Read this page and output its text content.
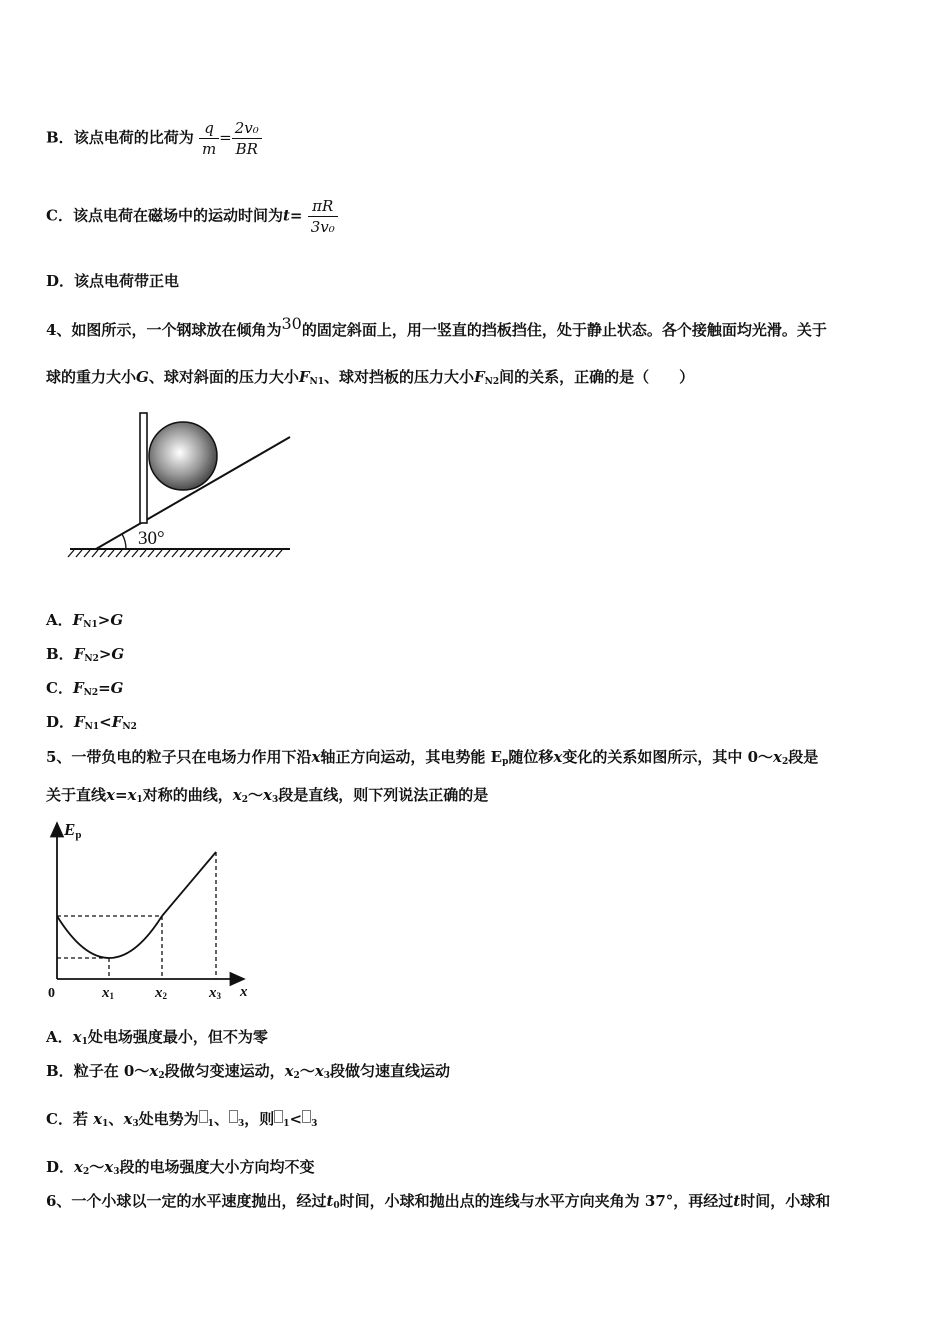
B．该点电荷的比荷为 $\frac{q}{m} = \frac{\text{2v₀}}{BR}$
C．该点电荷在磁场中的运动时间为$t= \frac{\pi R}{\text{3v₀}}$
D．该点电荷带正电
4、如图所示，一个钢球放在倾角为30的固定斜面上，用一竖直的挡板挡住，处于静止状态。各个接触面均光滑。关于
球的重力大小G、球对斜面的压力大小$F_{N1}$、球对挡板的压力大小$F_{N2}$间的关系，正确的是（　　）
30°
A．$F_{N1}>G$
B．$F_{N2}>G$
C．$F_{N2}=G$
D．$F_{N1}<F_{N2}$
5、一带负电的粒子只在电场力作用下沿x轴正方向运动，其电势能 $E_p$随位移x变化的关系如图所示，其中 $0\sim x_2$段是
关于直线$x=x_1$对称的曲线，$x_2\sim x_3$段是直线，则下列说法正确的是
Ep
0	x1	x2	x3 x
A．$x_1$处电场强度最小，但不为零
B．粒子在 $0\sim x_2$段做匀变速运动，$x_2\sim x_3$段做匀速直线运动
C．若 $x_1$、$x_3$处电势为 $_1$、 $_3$，则 $_1$< $_3$
D．$x_2\sim x_3$段的电场强度大小方向均不变
6、一个小球以一定的水平速度抛出，经过$t_0$时间，小球和抛出点的连线与水平方向夹角为 37°，再经过t时间，小球和
